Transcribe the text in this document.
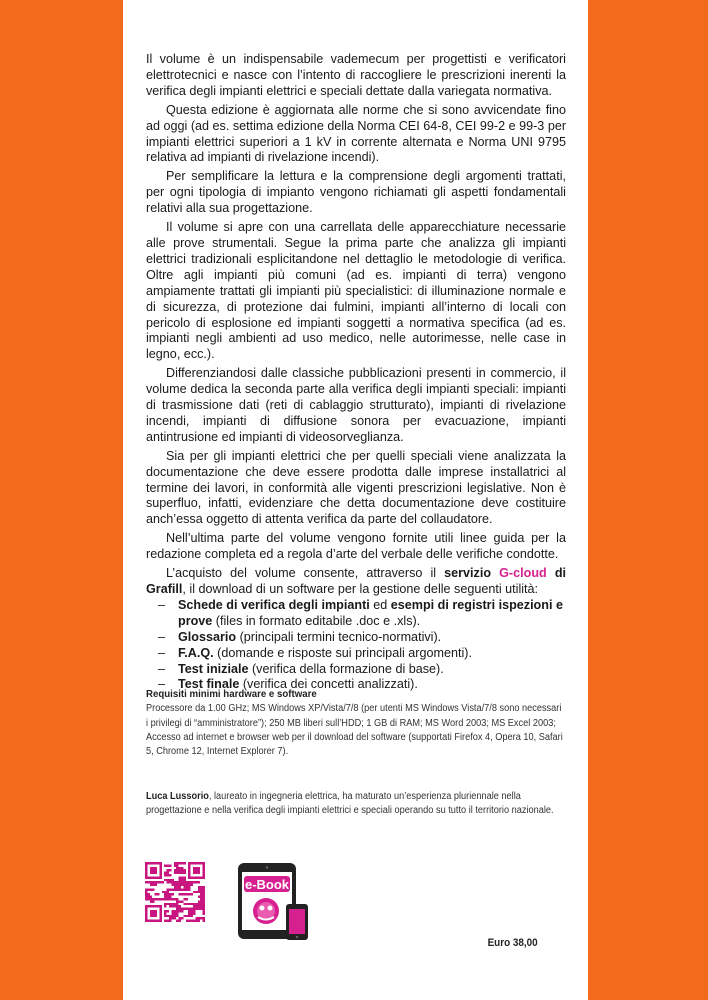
Il volume è un indispensabile vademecum per progettisti e verificatori elettrotecnici e nasce con l’intento di raccogliere le prescrizioni inerenti la verifica degli impianti elettrici e speciali dettate dalla variegata normativa.

Questa edizione è aggiornata alle norme che si sono avvicendate fino ad oggi (ad es. settima edizione della Norma CEI 64-8, CEI 99-2 e 99-3 per impianti elettrici superiori a 1 kV in corrente alternata e Norma UNI 9795 relativa ad impianti di rivelazione incendi).

Per semplificare la lettura e la comprensione degli argomenti trattati, per ogni tipologia di impianto vengono richiamati gli aspetti fondamentali relativi alla sua progettazione.

Il volume si apre con una carrellata delle apparecchiature necessarie alle prove strumentali. Segue la prima parte che analizza gli impianti elettrici tradizionali esplicitandone nel dettaglio le metodologie di verifica. Oltre agli impianti più comuni (ad es. impianti di terra) vengono ampiamente trattati gli impianti più specialistici: di illuminazione normale e di sicurezza, di protezione dai fulmini, impianti all’interno di locali con pericolo di esplosione ed impianti soggetti a normativa specifica (ad es. impianti negli ambienti ad uso medico, nelle autorimesse, nelle case in legno, ecc.).

Differenziandosi dalle classiche pubblicazioni presenti in commercio, il volume dedica la seconda parte alla verifica degli impianti speciali: impianti di trasmissione dati (reti di cablaggio strutturato), impianti di rivelazione incendi, impianti di diffusione sonora per evacuazione, impianti antintrusione ed impianti di videosorveglianza.

Sia per gli impianti elettrici che per quelli speciali viene analizzata la documentazione che deve essere prodotta dalle imprese installatrici al termine dei lavori, in conformità alle vigenti prescrizioni legislative. Non è superfluo, infatti, evidenziare che detta documentazione deve costituire anch’essa oggetto di attenta verifica da parte del collaudatore.

Nell’ultima parte del volume vengono fornite utili linee guida per la redazione completa ed a regola d’arte del verbale delle verifiche condotte.

L’acquisto del volume consente, attraverso il servizio G-cloud di Grafill, il download di un software per la gestione delle seguenti utilità:

– Schede di verifica degli impianti ed esempi di registri ispezioni e prove (files in formato editabile .doc e .xls).
– Glossario (principali termini tecnico-normativi).
– F.A.Q. (domande e risposte sui principali argomenti).
– Test iniziale (verifica della formazione di base).
– Test finale (verifica dei concetti analizzati).
Requisiti minimi hardware e software
Processore da 1.00 GHz; MS Windows XP/Vista/7/8 (per utenti MS Windows Vista/7/8 sono necessari i privilegi di “amministratore”); 250 MB liberi sull’HDD; 1 GB di RAM; MS Word 2003; MS Excel 2003; Accesso ad internet e browser web per il download del software (supportati Firefox 4, Opera 10, Safari 5, Chrome 12, Internet Explorer 7).
Luca Lussorio, laureato in ingegneria elettrica, ha maturato un’esperienza pluriennale nella progettazione e nella verifica degli impianti elettrici e speciali operando su tutto il territorio nazionale.
e-Book
Euro 38,00
